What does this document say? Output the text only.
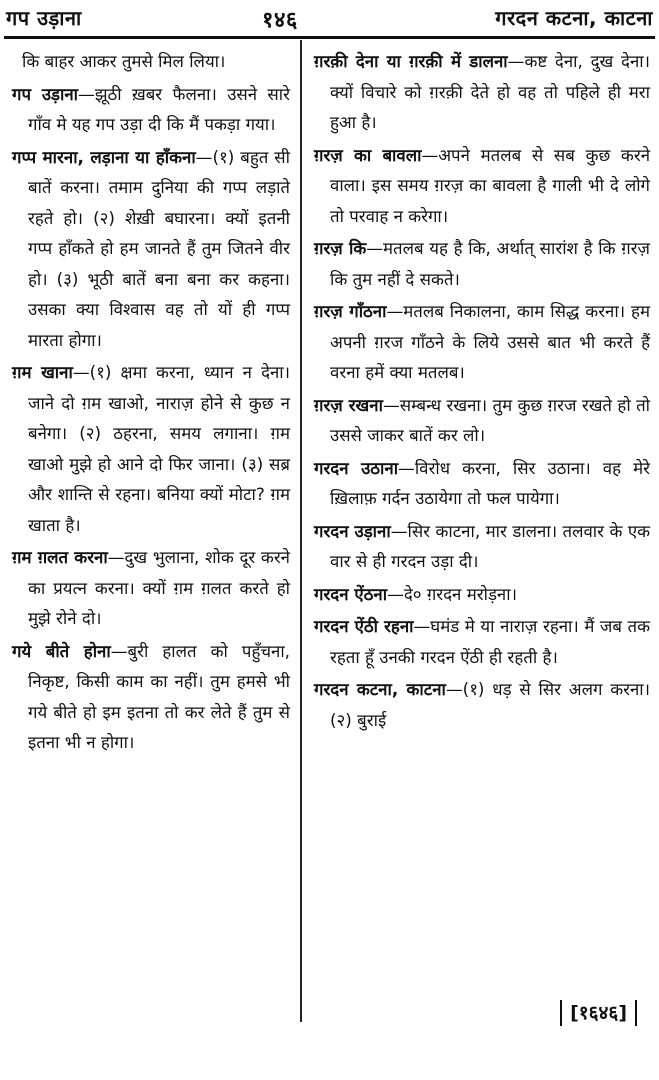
गप उड़ाना	१४६	गरदन कटना, काटना

कि बाहर आकर तुमसे मिल लिया।

गप उड़ाना—झूठी ख़बर फैलना। उसने सारे गाँव मे यह गप उड़ा दी कि मैं पकड़ा गया।

गप्प मारना, लड़ाना या हाँकना—(१) बहुत सी बातें करना। तमाम दुनिया की गप्प लड़ाते रहते हो। (२) शेख़ी बघारना। क्यों इतनी गप्प हाँकते हो हम जानते हैं तुम जितने वीर हो। (३) भूठी बातें बना बना कर कहना। उसका क्या विश्वास वह तो यों ही गप्प मारता होगा।

ग़म खाना—(१) क्षमा करना, ध्यान न देना। जाने दो ग़म खाओ, नाराज़ होने से कुछ न बनेगा। (२) ठहरना, समय लगाना। ग़म खाओ मुझे हो आने दो फिर जाना। (३) सब्र और शान्ति से रहना। बनिया क्यों मोटा? ग़म खाता है।

ग़म ग़लत करना—दुख भुलाना, शोक दूर करने का प्रयत्न करना। क्यों ग़म ग़लत करते हो मुझे रोने दो।

गये बीते होना—बुरी हालत को पहुँचना, निकृष्ट, किसी काम का नहीं। तुम हमसे भी गये बीते हो इम इतना तो कर लेते हैं तुम से इतना भी न होगा।

ग़रक़ी देना या ग़रक़ी में डालना—कष्ट देना, दुख देना। क्यों विचारे को ग़रक़ी देते हो वह तो पहिले ही मरा हुआ है।

ग़रज़ का बावला—अपने मतलब से सब कुछ करने वाला। इस समय ग़रज़ का बावला है गाली भी दे लोगे तो परवाह न करेगा।

ग़रज़ कि—मतलब यह है कि, अर्थात्‌ सारांश है कि ग़रज़ कि तुम नहीं दे सकते।

ग़रज़ गाँठना—मतलब निकालना, काम सिद्ध करना। हम अपनी ग़रज गाँठने के लिये उससे बात भी करते हैं वरना हमें क्या मतलब।

ग़रज़ रखना—सम्बन्ध रखना। तुम कुछ ग़रज रखते हो तो उससे जाकर बातें कर लो।

गरदन उठाना—विरोध करना, सिर उठाना। वह मेरे ख़िलाफ़ गर्दन उठायेगा तो फल पायेगा।

गरदन उड़ाना—सिर काटना, मार डालना। तलवार के एक वार से ही गरदन उड़ा दी।

गरदन ऐंठना—दे० ग़रदन मरोड़ना।

गरदन ऐंठी रहना—घमंड मे या नाराज़ रहना। मैं जब तक रहता हूँ उनकी गरदन ऐंठी ही रहती है।

गरदन कटना, काटना—(१) धड़ से सिर अलग करना। (२) बुराई

[१६४६]
